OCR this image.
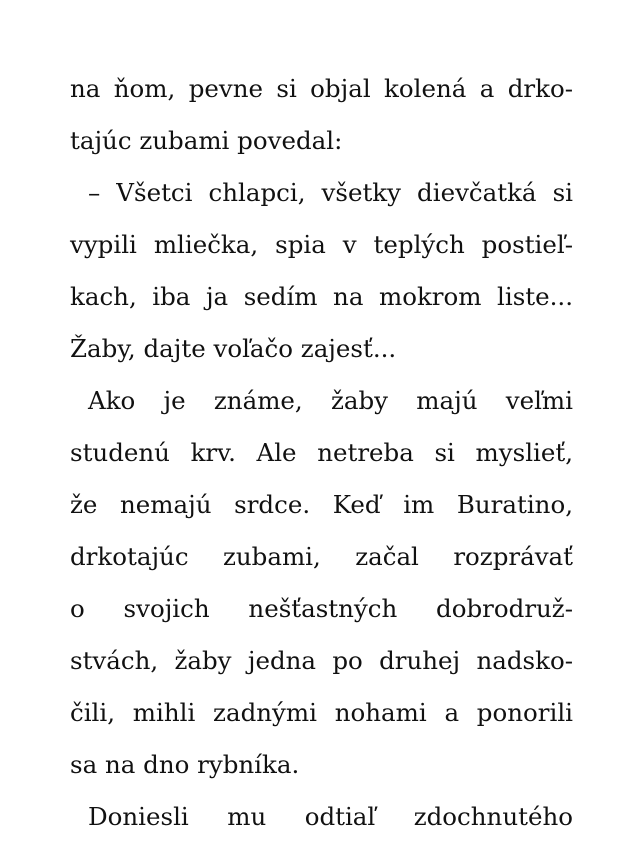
na ňom, pevne si objal kolená a drko-
tajúc zubami povedal:
– Všetci chlapci, všetky dievčatká si
vypili mliečka, spia v teplých postieľ-
kach, iba ja sedím na mokrom liste...
Žaby, dajte voľačo zajesť...
Ako je známe, žaby majú veľmi
studenú krv. Ale netreba si myslieť,
že nemajú srdce. Keď im Buratino,
drkotajúc zubami, začal rozprávať
o svojich nešťastných dobrodruž-
stvách, žaby jedna po druhej nadsko-
čili, mihli zadnými nohami a ponorili
sa na dno rybníka.
Doniesli mu odtiaľ zdochnutého
